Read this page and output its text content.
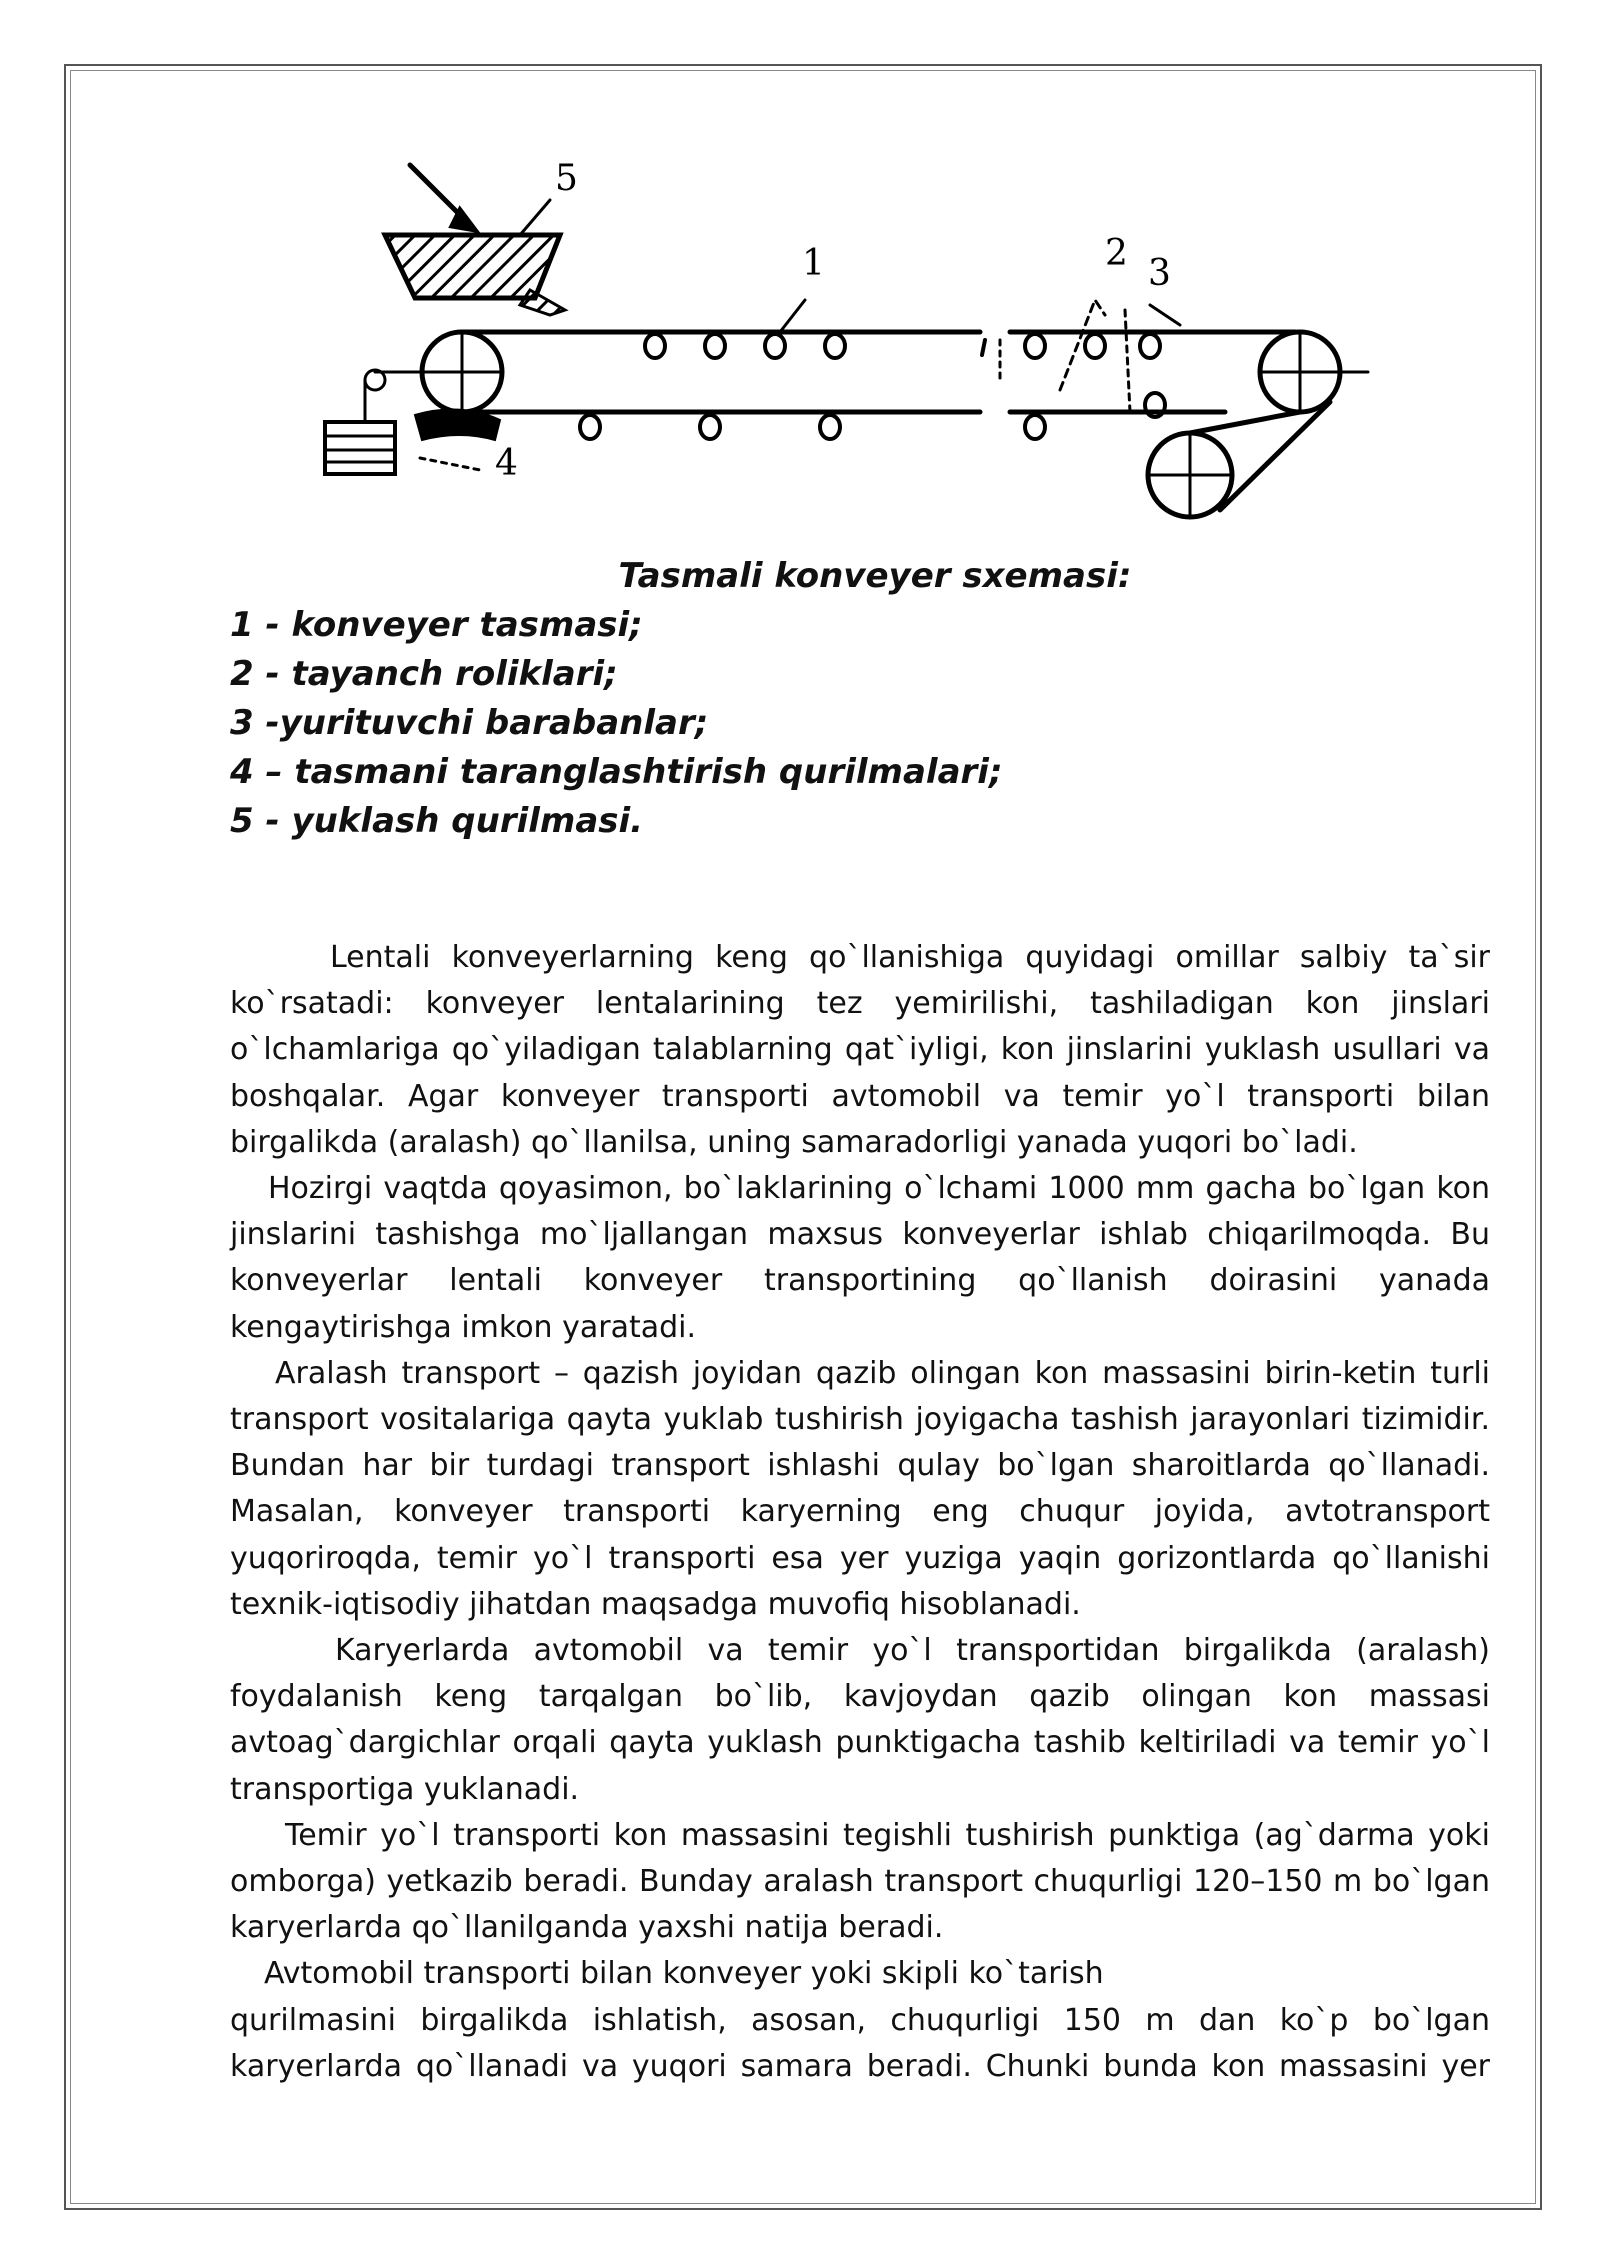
5
1	2 3
4
Tasmali konveyer sxemasi:
1 - konveyer tasmasi;
2 - tayanch roliklari;
3 -yurituvchi barabanlar;
4 – tasmani taranglashtirish qurilmalari;
5 - yuklash qurilmasi.

Lentali konveyerlarning keng qo`llanishiga quyidagi omillar salbiy ta`sir ko`rsatadi: konveyer lentalarining tez yemirilishi, tashiladigan kon jinslari o`lchamlariga qo`yiladigan talablarning qat`iyligi, kon jinslarini yuklash usullari va boshqalar. Agar konveyer transporti avtomobil va temir yo`l transporti bilan birgalikda (aralash) qo`llanilsa, uning samaradorligi yanada yuqori bo`ladi.

Hozirgi vaqtda qoyasimon, bo`laklarining o`lchami 1000 mm gacha bo`lgan kon jinslarini tashishga mo`ljallangan maxsus konveyerlar ishlab chiqarilmoqda. Bu konveyerlar lentali konveyer transportining qo`llanish doirasini yanada kengaytirishga imkon yaratadi.

Aralash transport – qazish joyidan qazib olingan kon massasini birin-ketin turli transport vositalariga qayta yuklab tushirish joyigacha tashish jarayonlari tizimidir. Bundan har bir turdagi transport ishlashi qulay bo`lgan sharoitlarda qo`llanadi. Masalan, konveyer transporti karyerning eng chuqur joyida, avtotransport yuqoriroqda, temir yo`l transporti esa yer yuziga yaqin gorizontlarda qo`llanishi texnik-iqtisodiy jihatdan maqsadga muvofiq hisoblanadi.

Karyerlarda avtomobil va temir yo`l transportidan birgalikda (aralash) foydalanish keng tarqalgan bo`lib, kavjoydan qazib olingan kon massasi avtoag`dargichlar orqali qayta yuklash punktigacha tashib keltiriladi va temir yo`l transportiga yuklanadi.

Temir yo`l transporti kon massasini tegishli tushirish punktiga (ag`darma yoki omborga) yetkazib beradi. Bunday aralash transport chuqurligi 120–150 m bo`lgan karyerlarda qo`llanilganda yaxshi natija beradi.

Avtomobil transporti bilan konveyer yoki skipli ko`tarish

qurilmasini birgalikda ishlatish, asosan, chuqurligi 150 m dan ko`p bo`lgan karyerlarda qo`llanadi va yuqori samara beradi. Chunki bunda kon massasini yer
